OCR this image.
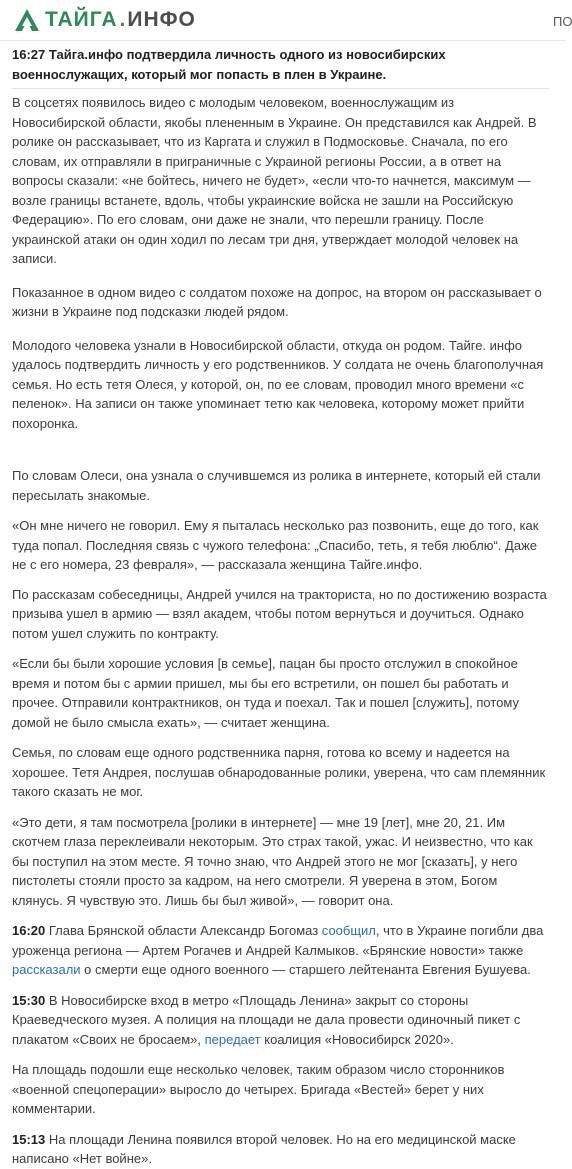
ТАЙГА . ИНФО	ПО

16:27 Тайга.инфо подтвердила личность одного из новосибирских военнослужащих, который мог попасть в плен в Украине.

В соцсетях появилось видео с молодым человеком, военнослужащим из Новосибирской области, якобы плененным в Украине. Он представился как Андрей. В ролике он рассказывает, что из Каргата и служил в Подмосковье. Сначала, по его словам, их отправляли в приграничные с Украиной регионы России, а в ответ на вопросы сказали: «не бойтесь, ничего не будет», «если что-то начнется, максимум — возле границы встанете, вдоль, чтобы украинские войска не зашли на Российскую Федерацию». По его словам, они даже не знали, что перешли границу. После украинской атаки он один ходил по лесам три дня, утверждает молодой человек на записи.

Показанное в одном видео с солдатом похоже на допрос, на втором он рассказывает о жизни в Украине под подсказки людей рядом.

Молодого человека узнали в Новосибирской области, откуда он родом. Тайге. инфо удалось подтвердить личность у его родственников. У солдата не очень благополучная семья. Но есть тетя Олеся, у которой, он, по ее словам, проводил много времени «с пеленок». На записи он также упоминает тетю как человека, которому может прийти похоронка.

По словам Олеси, она узнала о случившемся из ролика в интернете, который ей стали пересылать знакомые.

«Он мне ничего не говорил. Ему я пыталась несколько раз позвонить, еще до того, как туда попал. Последняя связь с чужого телефона: „Спасибо, теть, я тебя люблю“. Даже не с его номера, 23 февраля», — рассказала женщина Тайге.инфо.

По рассказам собеседницы, Андрей учился на тракториста, но по достижению возраста призыва ушел в армию — взял академ, чтобы потом вернуться и доучиться. Однако потом ушел служить по контракту.

«Если бы были хорошие условия [в семье], пацан бы просто отслужил в спокойное время и потом бы с армии пришел, мы бы его встретили, он пошел бы работать и прочее. Отправили контрактников, он туда и поехал. Так и пошел [служить], потому домой не было смысла ехать», — считает женщина.

Семья, по словам еще одного родственника парня, готова ко всему и надеется на хорошее. Тетя Андрея, послушав обнародованные ролики, уверена, что сам племянник такого сказать не мог.

«Это дети, я там посмотрела [ролики в интернете] — мне 19 [лет], мне 20, 21. Им скотчем глаза переклеивали некоторым. Это страх такой, ужас. И неизвестно, что как бы поступил на этом месте. Я точно знаю, что Андрей этого не мог [сказать], у него пистолеты стояли просто за кадром, на него смотрели. Я уверена в этом, Богом клянусь. Я чувствую это. Лишь бы был живой», — говорит она.

16:20 Глава Брянской области Александр Богомаз сообщил, что в Украине погибли два уроженца региона — Артем Рогачев и Андрей Калмыков. «Брянские новости» также рассказали о смерти еще одного военного — старшего лейтенанта Евгения Бушуева.

15:30 В Новосибирске вход в метро «Площадь Ленина» закрыт со стороны Краеведческого музея. А полиция на площади не дала провести одиночный пикет с плакатом «Своих не бросаем», передает коалиция «Новосибирск 2020».

На площадь подошли еще несколько человек, таким образом число сторонников «военной спецоперации» выросло до четырех. Бригада «Вестей» берет у них комментарии.

15:13 На площади Ленина появился второй человек. Но на его медицинской маске написано «Нет войне».
